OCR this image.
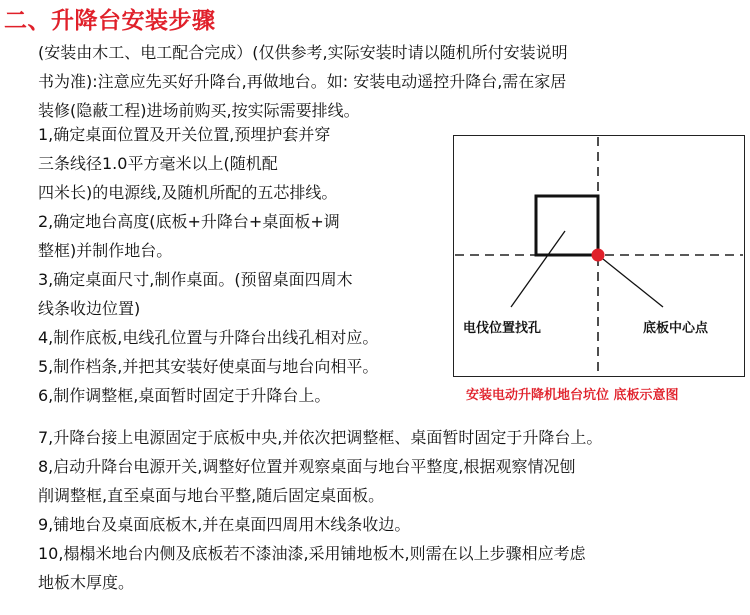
二、升降台安装步骤
(安装由木工、电工配合完成）(仅供参考,实际安装时请以随机所付安装说明
书为准):注意应先买好升降台,再做地台。如: 安装电动遥控升降台,需在家居
装修(隐蔽工程)进场前购买,按实际需要排线。
1,确定桌面位置及开关位置,预埋护套并穿
三条线径1.0平方毫米以上(随机配
四米长)的电源线,及随机所配的五芯排线。
2,确定地台高度(底板+升降台+桌面板+调
整框)并制作地台。
3,确定桌面尺寸,制作桌面。(预留桌面四周木
线条收边位置)
4,制作底板,电线孔位置与升降台出线孔相对应。
5,制作档条,并把其安装好使桌面与地台向相平。
6,制作调整框,桌面暂时固定于升降台上。
电伐位置找孔	底板中心点
安装电动升降机地台坑位 底板示意图
7,升降台接上电源固定于底板中央,并依次把调整框、桌面暂时固定于升降台上。
8,启动升降台电源开关,调整好位置并观察桌面与地台平整度,根据观察情况刨
削调整框,直至桌面与地台平整,随后固定桌面板。
9,铺地台及桌面底板木,并在桌面四周用木线条收边。
10,榻榻米地台内侧及底板若不漆油漆,采用铺地板木,则需在以上步骤相应考虑
地板木厚度。
